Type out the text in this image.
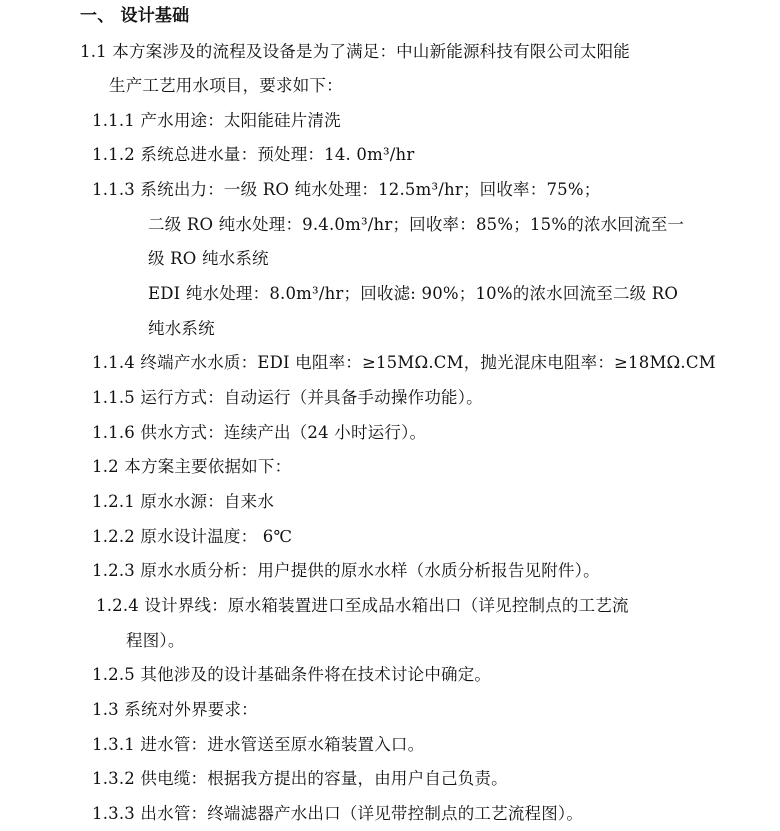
一、 设计基础
1.1 本方案涉及的流程及设备是为了满足：中山新能源科技有限公司太阳能
生产工艺用水项目，要求如下：
1.1.1 产水用途：太阳能硅片清洗
1.1.2 系统总进水量：预处理：14. 0m³/hr
1.1.3 系统出力：一级 RO 纯水处理：12.5m³/hr；回收率：75%；
二级 RO 纯水处理：9.4.0m³/hr；回收率：85%；15%的浓水回流至一
级 RO 纯水系统
EDI 纯水处理：8.0m³/hr；回收滤: 90%；10%的浓水回流至二级 RO
纯水系统
1.1.4 终端产水水质：EDI 电阻率：≥15MΩ.CM，抛光混床电阻率：≥18MΩ.CM
1.1.5 运行方式：自动运行（并具备手动操作功能）。
1.1.6 供水方式：连续产出（24 小时运行）。
1.2 本方案主要依据如下：
1.2.1 原水水源：自来水
1.2.2 原水设计温度： 6℃
1.2.3 原水水质分析：用户提供的原水水样（水质分析报告见附件）。
1.2.4 设计界线：原水箱装置进口至成品水箱出口（详见控制点的工艺流
程图）。
1.2.5 其他涉及的设计基础条件将在技术讨论中确定。
1.3 系统对外界要求：
1.3.1 进水管：进水管送至原水箱装置入口。
1.3.2 供电缆：根据我方提出的容量，由用户自己负责。
1.3.3 出水管：终端滤器产水出口（详见带控制点的工艺流程图）。
